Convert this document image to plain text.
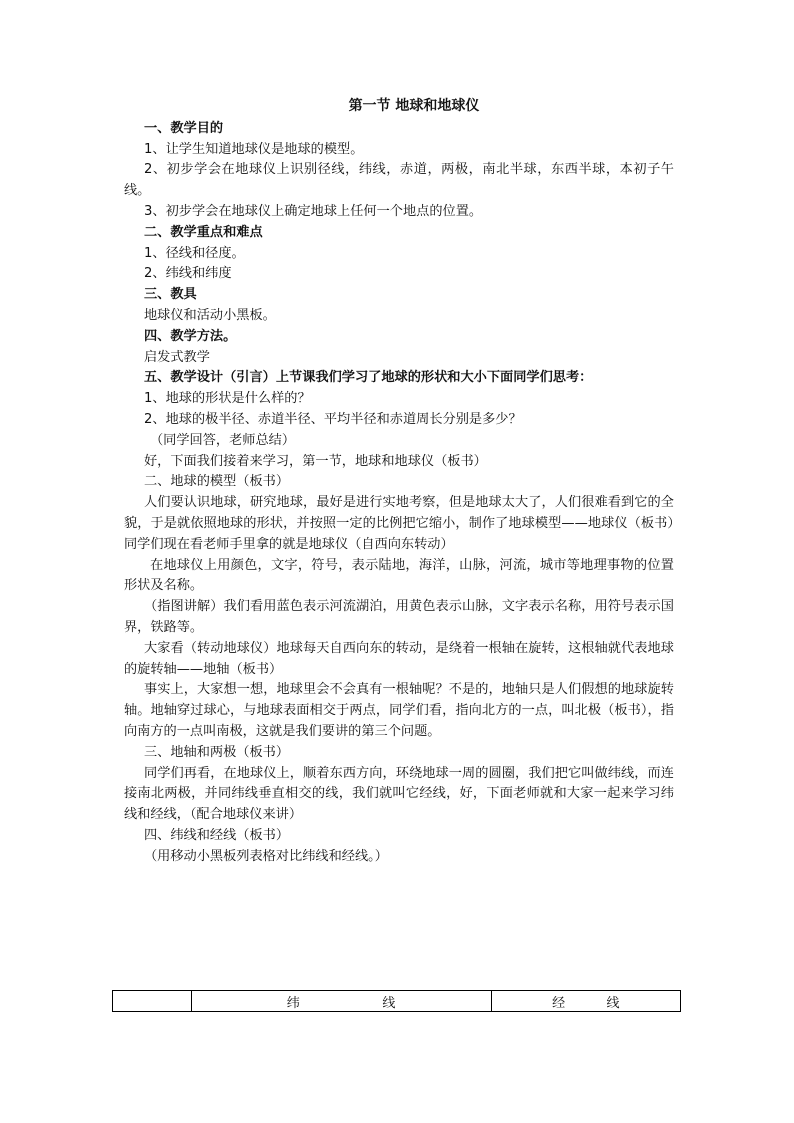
第一节 地球和地球仪
一、教学目的
1、让学生知道地球仪是地球的模型。
2、初步学会在地球仪上识别径线，纬线，赤道，两极，南北半球，东西半球，本初子午线。
3、初步学会在地球仪上确定地球上任何一个地点的位置。
二、教学重点和难点
1、径线和径度。
2、纬线和纬度
三、教具
地球仪和活动小黑板。
四、教学方法。
启发式教学
五、教学设计（引言）上节课我们学习了地球的形状和大小下面同学们思考：
1、地球的形状是什么样的？
2、地球的极半径、赤道半径、平均半径和赤道周长分别是多少？
（同学回答，老师总结）
好，下面我们接着来学习，第一节，地球和地球仪（板书）
二、地球的模型（板书）
人们要认识地球，研究地球，最好是进行实地考察，但是地球太大了，人们很难看到它的全貌，于是就依照地球的形状，并按照一定的比例把它缩小，制作了地球模型——地球仪（板书）同学们现在看老师手里拿的就是地球仪（自西向东转动）
在地球仪上用颜色，文字，符号，表示陆地，海洋，山脉，河流，城市等地理事物的位置形状及名称。
（指图讲解）我们看用蓝色表示河流湖泊，用黄色表示山脉，文字表示名称，用符号表示国界，铁路等。
大家看（转动地球仪）地球每天自西向东的转动，是绕着一根轴在旋转，这根轴就代表地球的旋转轴——地轴（板书）
事实上，大家想一想，地球里会不会真有一根轴呢？不是的，地轴只是人们假想的地球旋转轴。地轴穿过球心，与地球表面相交于两点，同学们看，指向北方的一点，叫北极（板书），指向南方的一点叫南极，这就是我们要讲的第三个问题。
三、地轴和两极（板书）
同学们再看，在地球仪上，顺着东西方向，环绕地球一周的圆圈，我们把它叫做纬线，而连接南北两极，并同纬线垂直相交的线，我们就叫它经线，好，下面老师就和大家一起来学习纬线和经线，（配合地球仪来讲）
四、纬线和经线（板书）
（用移动小黑板列表格对比纬线和经线。）
	纬                    线	经          线
